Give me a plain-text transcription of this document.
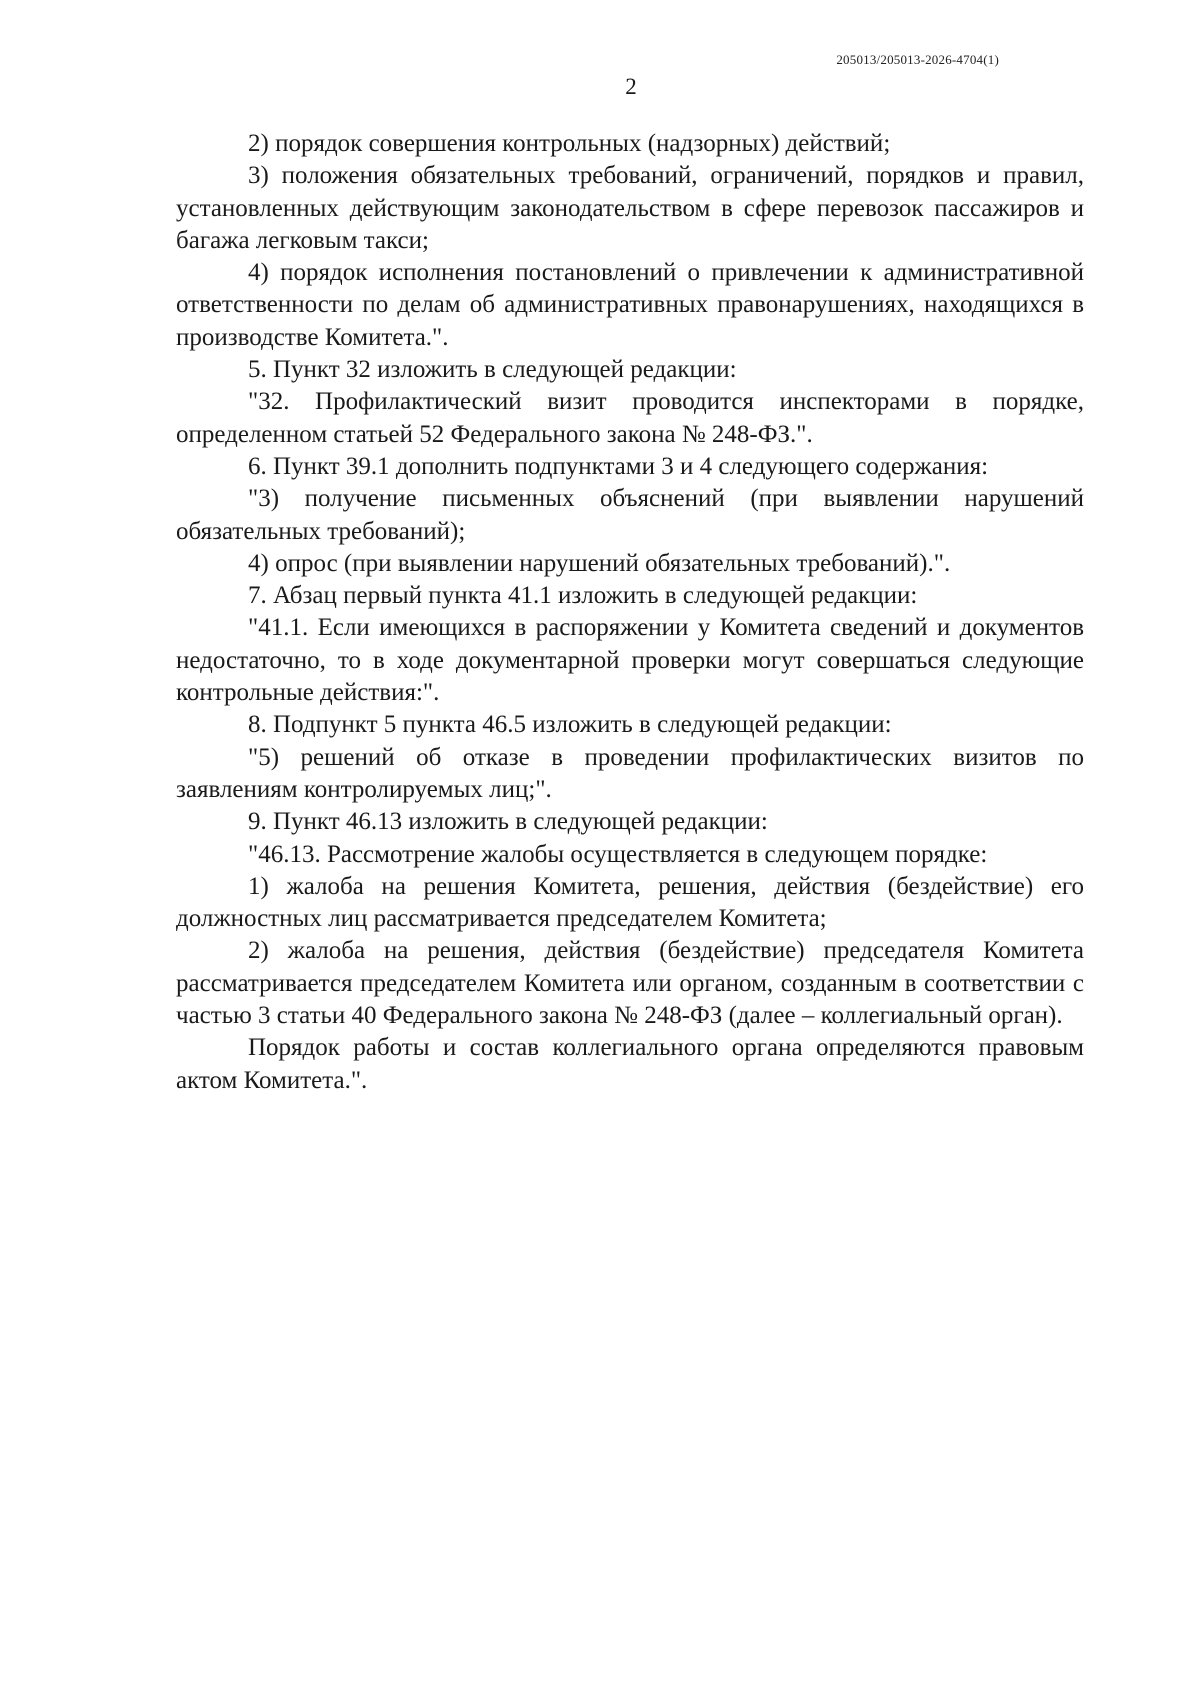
205013/205013-2026-4704(1)
2

2) порядок совершения контрольных (надзорных) действий;

3) положения обязательных требований, ограничений, порядков и правил, установленных действующим законодательством в сфере перевозок пассажиров и багажа легковым такси;

4) порядок исполнения постановлений о привлечении к административной ответственности по делам об административных правонарушениях, находящихся в производстве Комитета.".

5. Пункт 32 изложить в следующей редакции:

"32. Профилактический визит проводится инспекторами в порядке, определенном статьей 52 Федерального закона № 248-ФЗ.".

6. Пункт 39.1 дополнить подпунктами 3 и 4 следующего содержания:

"3) получение письменных объяснений (при выявлении нарушений обязательных требований);

4) опрос (при выявлении нарушений обязательных требований).".

7. Абзац первый пункта 41.1 изложить в следующей редакции:

"41.1. Если имеющихся в распоряжении у Комитета сведений и документов недостаточно, то в ходе документарной проверки могут совершаться следующие контрольные действия:".

8. Подпункт 5 пункта 46.5 изложить в следующей редакции:

"5) решений об отказе в проведении профилактических визитов по заявлениям контролируемых лиц;".

9. Пункт 46.13 изложить в следующей редакции:

"46.13. Рассмотрение жалобы осуществляется в следующем порядке:

1) жалоба на решения Комитета, решения, действия (бездействие) его должностных лиц рассматривается председателем Комитета;

2) жалоба на решения, действия (бездействие) председателя Комитета рассматривается председателем Комитета или органом, созданным в соответствии с частью 3 статьи 40 Федерального закона № 248-ФЗ (далее – коллегиальный орган).

Порядок работы и состав коллегиального органа определяются правовым актом Комитета.".
